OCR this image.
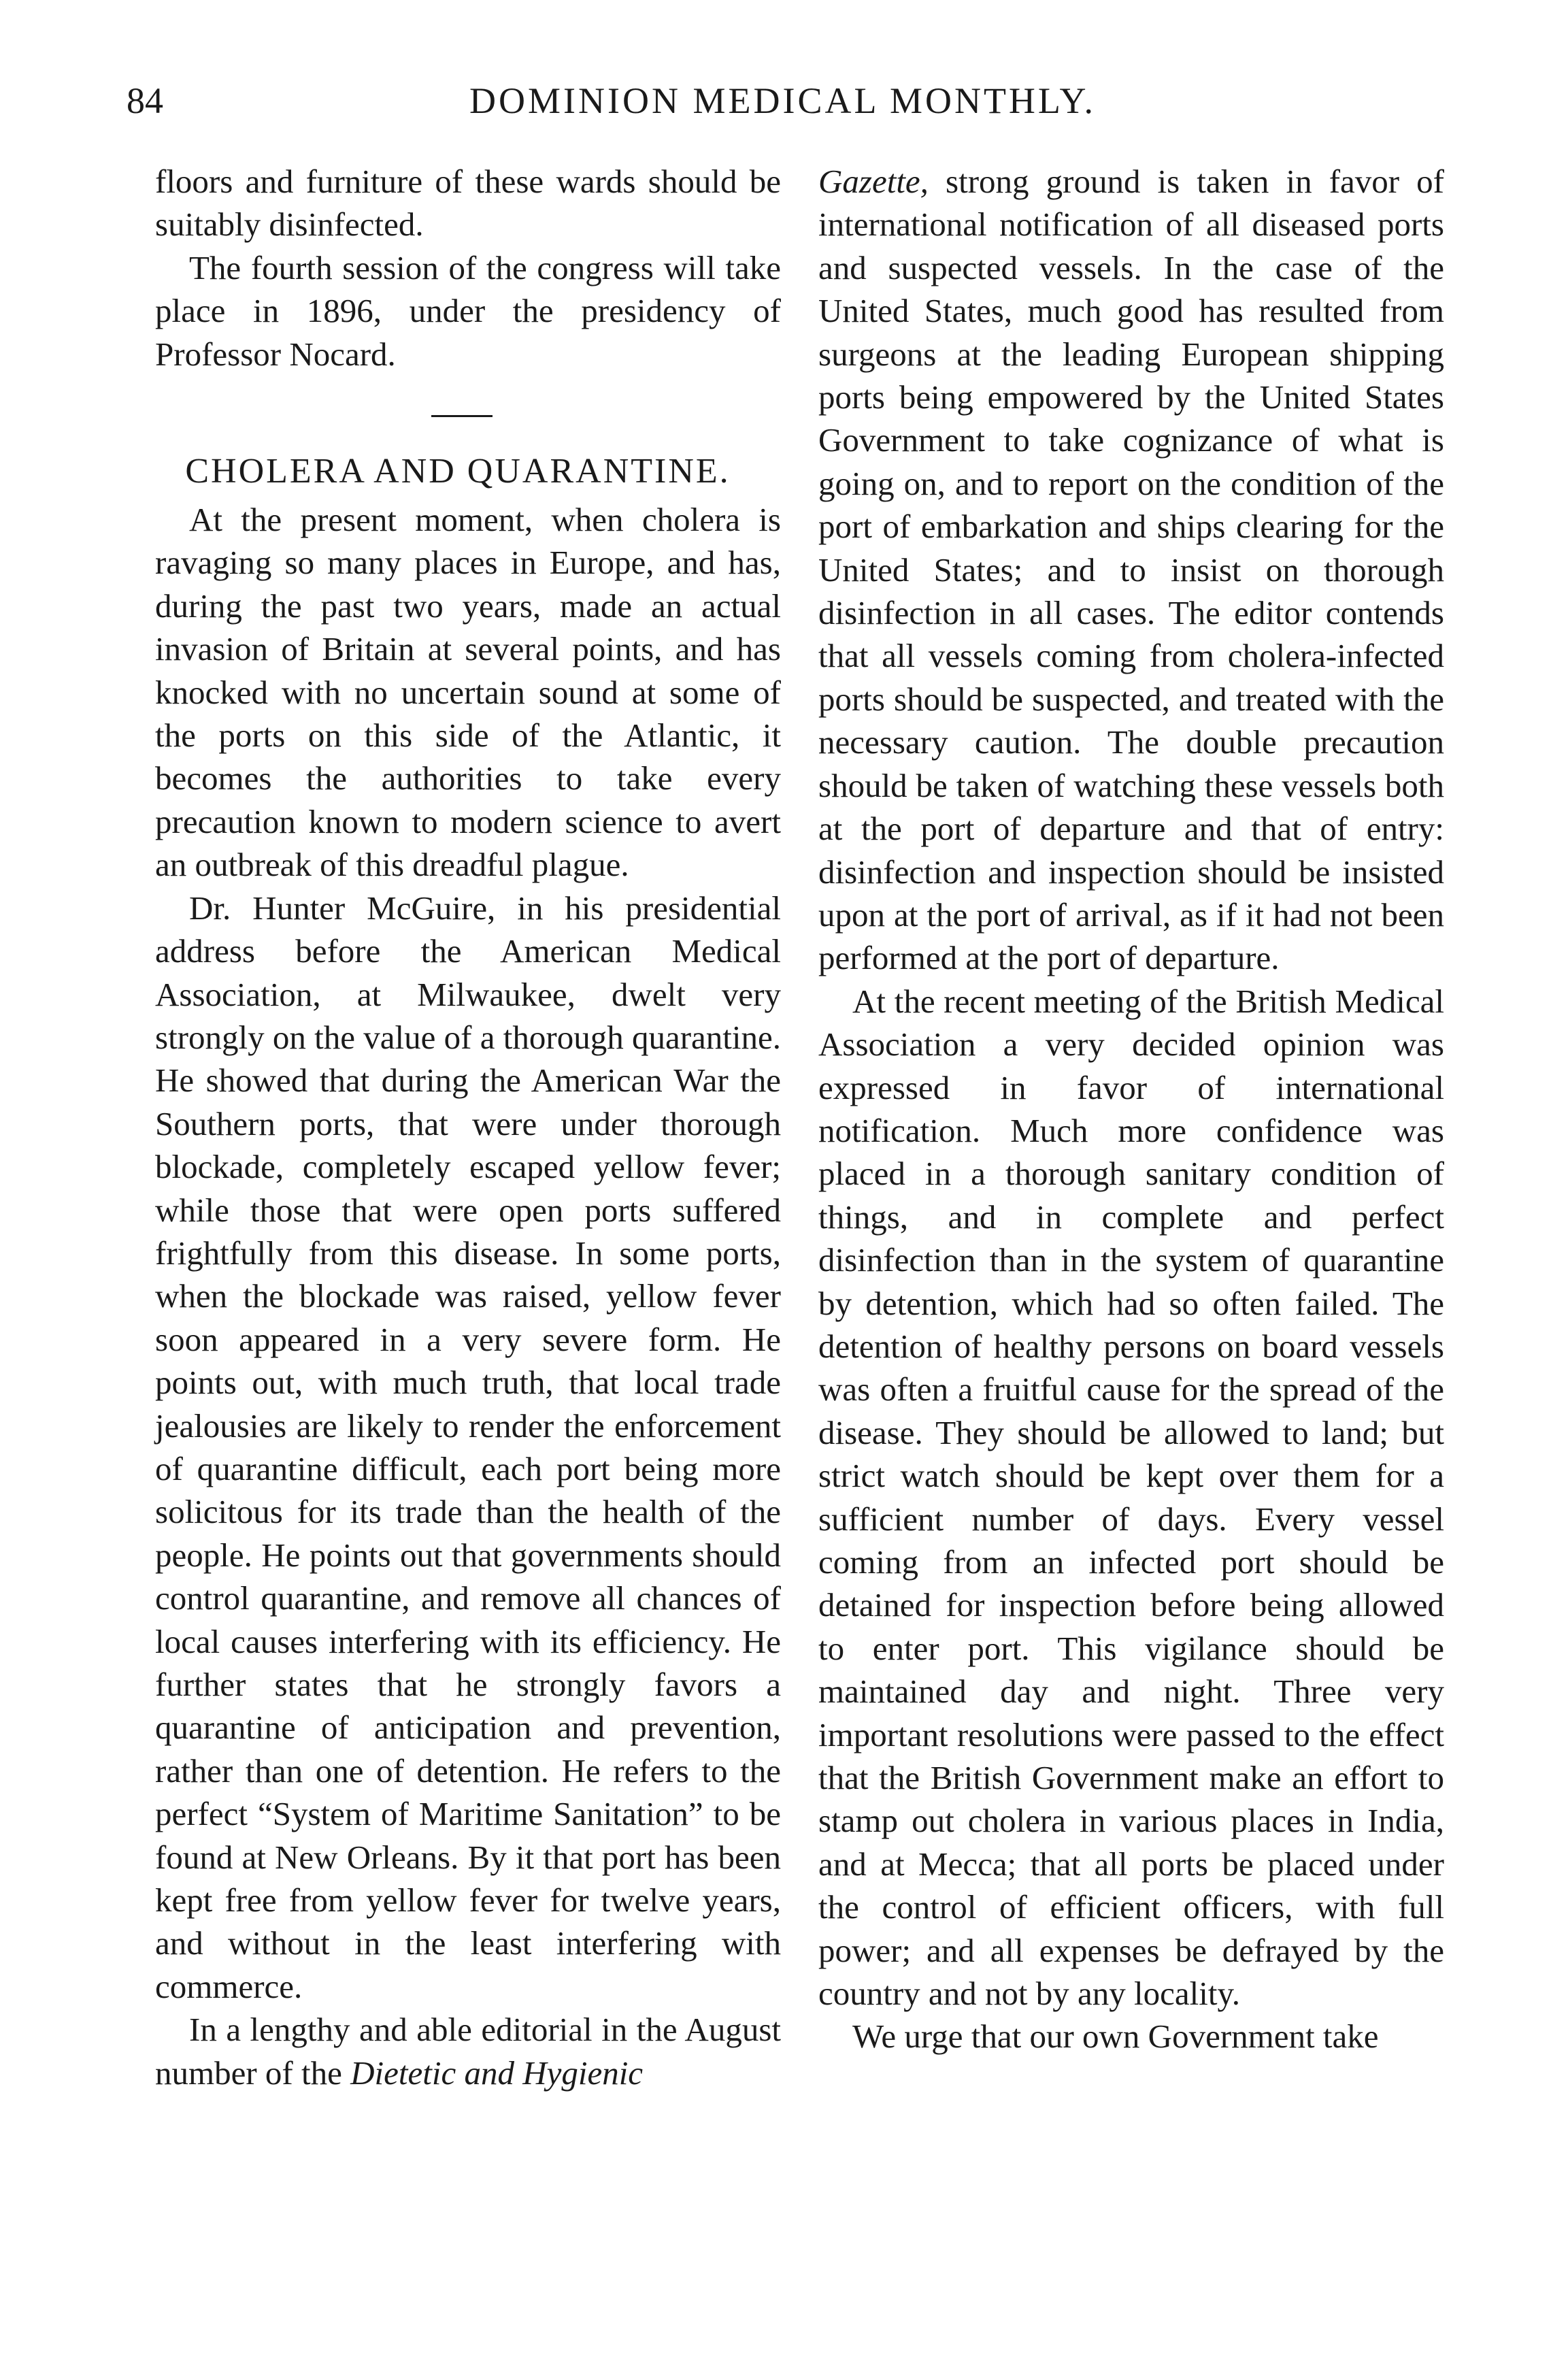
84	DOMINION MEDICAL MONTHLY.

floors and furniture of these wards should be suitably disinfected.

The fourth session of the congress will take place in 1896, under the presidency of Professor Nocard.

CHOLERA AND QUARANTINE.

At the present moment, when cholera is ravaging so many places in Europe, and has, during the past two years, made an actual invasion of Britain at several points, and has knocked with no uncertain sound at some of the ports on this side of the Atlantic, it becomes the authorities to take every precaution known to modern science to avert an outbreak of this dreadful plague.

Dr. Hunter McGuire, in his presidential address before the American Medical Association, at Milwaukee, dwelt very strongly on the value of a thorough quarantine. He showed that during the American War the Southern ports, that were under thorough blockade, completely escaped yellow fever; while those that were open ports suffered frightfully from this disease. In some ports, when the blockade was raised, yellow fever soon appeared in a very severe form. He points out, with much truth, that local trade jealousies are likely to render the enforcement of quarantine difficult, each port being more solicitous for its trade than the health of the people. He points out that governments should control quarantine, and remove all chances of local causes interfering with its efficiency. He further states that he strongly favors a quarantine of anticipation and prevention, rather than one of detention. He refers to the perfect “System of Maritime Sanitation” to be found at New Orleans. By it that port has been kept free from yellow fever for twelve years, and without in the least interfering with commerce.

In a lengthy and able editorial in the August number of the Dietetic and Hygienic

Gazette, strong ground is taken in favor of international notification of all diseased ports and suspected vessels. In the case of the United States, much good has resulted from surgeons at the leading European shipping ports being empowered by the United States Government to take cognizance of what is going on, and to report on the condition of the port of embarkation and ships clearing for the United States; and to insist on thorough disinfection in all cases. The editor contends that all vessels coming from cholera-infected ports should be suspected, and treated with the necessary caution. The double precaution should be taken of watching these vessels both at the port of departure and that of entry: disinfection and inspection should be insisted upon at the port of arrival, as if it had not been performed at the port of departure.

At the recent meeting of the British Medical Association a very decided opinion was expressed in favor of international notification. Much more confidence was placed in a thorough sanitary condition of things, and in complete and perfect disinfection than in the system of quarantine by detention, which had so often failed. The detention of healthy persons on board vessels was often a fruitful cause for the spread of the disease. They should be allowed to land; but strict watch should be kept over them for a sufficient number of days. Every vessel coming from an infected port should be detained for inspection before being allowed to enter port. This vigilance should be maintained day and night. Three very important resolutions were passed to the effect that the British Government make an effort to stamp out cholera in various places in India, and at Mecca; that all ports be placed under the control of efficient officers, with full power; and all expenses be defrayed by the country and not by any locality.

We urge that our own Government take
